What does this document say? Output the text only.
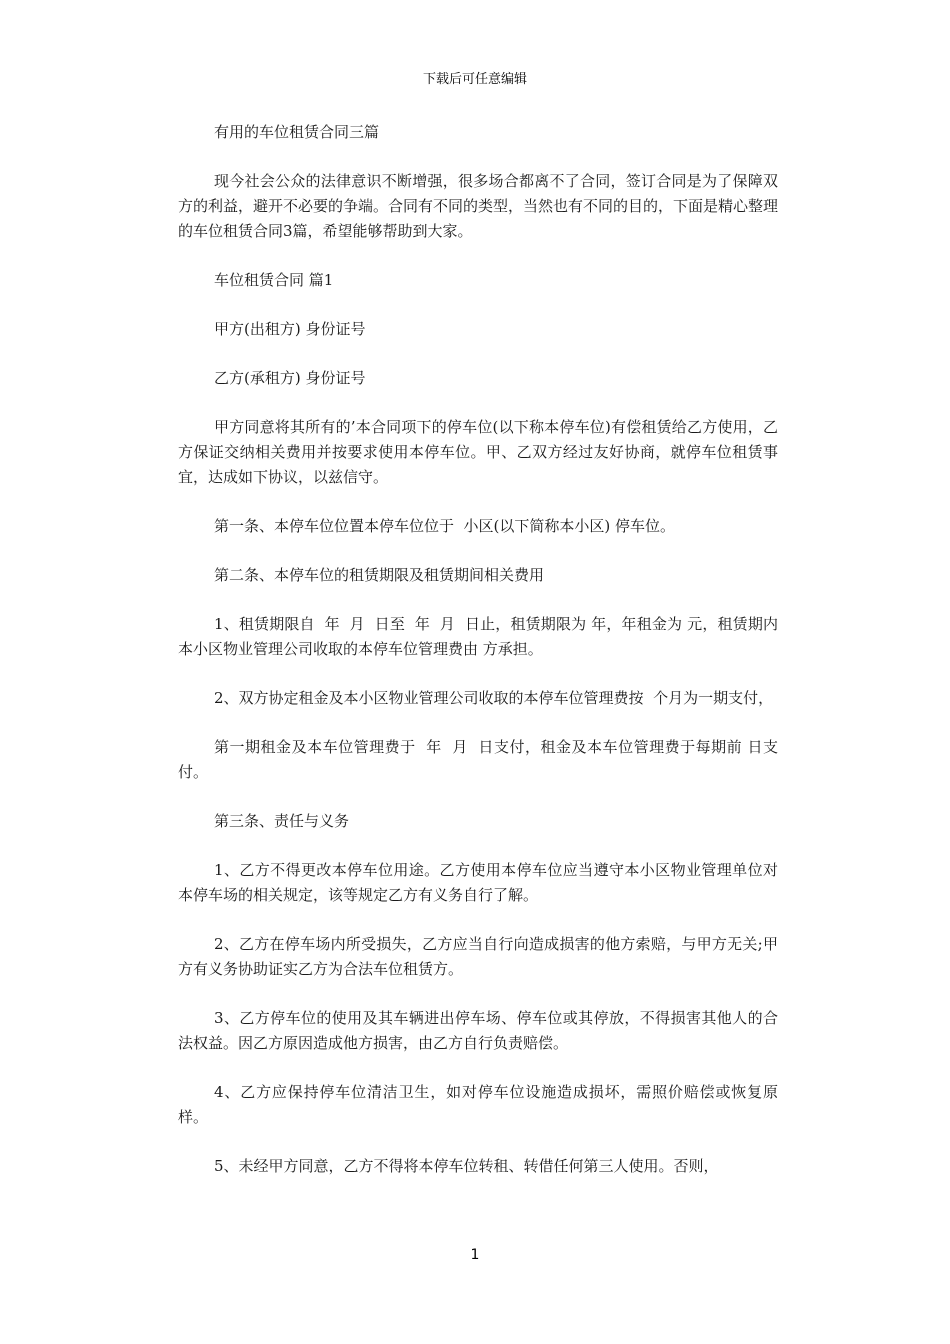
下载后可任意编辑

有用的车位租赁合同三篇

现今社会公众的法律意识不断增强，很多场合都离不了合同，签订合同是为了保障双方的利益，避开不必要的争端。合同有不同的类型，当然也有不同的目的，下面是精心整理的车位租赁合同3篇，希望能够帮助到大家。

车位租赁合同 篇1

甲方(出租方) 身份证号

乙方(承租方) 身份证号

甲方同意将其所有的’本合同项下的停车位(以下称本停车位)有偿租赁给乙方使用，乙方保证交纳相关费用并按要求使用本停车位。甲、乙双方经过友好协商，就停车位租赁事宜，达成如下协议，以兹信守。

第一条、本停车位位置本停车位位于  小区(以下简称本小区) 停车位。

第二条、本停车位的租赁期限及租赁期间相关费用

1、租赁期限自  年  月  日至  年  月  日止，租赁期限为 年，年租金为 元，租赁期内本小区物业管理公司收取的本停车位管理费由 方承担。

2、双方协定租金及本小区物业管理公司收取的本停车位管理费按  个月为一期支付，

第一期租金及本车位管理费于  年  月  日支付，租金及本车位管理费于每期前 日支付。

第三条、责任与义务

1、乙方不得更改本停车位用途。乙方使用本停车位应当遵守本小区物业管理单位对本停车场的相关规定，该等规定乙方有义务自行了解。

2、乙方在停车场内所受损失，乙方应当自行向造成损害的他方索赔，与甲方无关;甲方有义务协助证实乙方为合法车位租赁方。

3、乙方停车位的使用及其车辆进出停车场、停车位或其停放，不得损害其他人的合法权益。因乙方原因造成他方损害，由乙方自行负责赔偿。

4、乙方应保持停车位清洁卫生，如对停车位设施造成损坏，需照价赔偿或恢复原样。

5、未经甲方同意，乙方不得将本停车位转租、转借任何第三人使用。否则，

1
